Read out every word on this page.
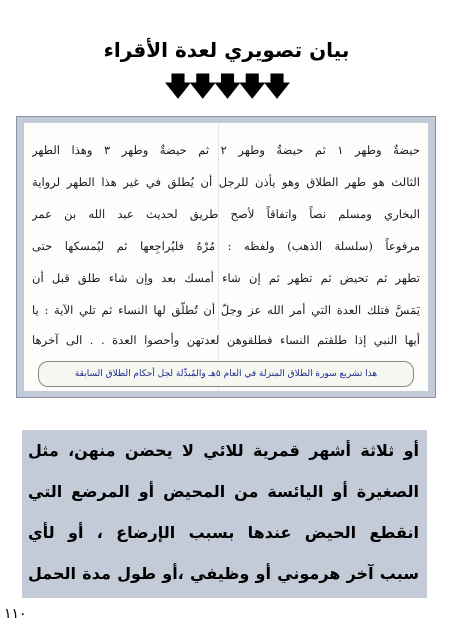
بيان تصويري لعدة الأقراء
🡇🡇🡇🡇🡇
حيضةٌ وطهر ١ ثم حيضةٌ وطهر ٢ ثم حيضةٌ وطهر ٣ وهذا الطهر
الثالث هو طهر الطلاق وهو يأذن للرجل أن يُطلق في غير هذا الطهر لرواية
البخاري ومسلم نصاً واتفاقاً لأصح طريق لحديث عبد الله بن عمر
مرفوعاً (سلسلة الذهب) ولفظه : مُرْهُ فليُراجِعها ثم ليُمسكها حتى
تطهر ثم تحيض ثم تطهر ثم إن شاء أمسك بعد وإن شاء طلق قبل أن
يَمَسَّ فتلك العدة التي أمر الله عز وجلّ أن تُطلّق لها النساء ثم تلي الآية : يا
أيها النبي إذا طلقتم النساء فطلقوهن لعدتهن وأحصوا العدة . . الى آخرها
هذا تشريع سورة الطلاق المنزلة في العام ٥هـ والمُبدِّلة لجل أحكام الطلاق السابقة
أو ثلاثة أشهر قمرية للائي لا يحضن منهن، مثل
الصغيرة أو اليائسة من المحيض أو المرضع التي
انقطع الحيض عندها بسبب الإرضاع ، أو لأي
سبب آخر هرموني أو وظيفي ،أو طول مدة الحمل
١١٠
